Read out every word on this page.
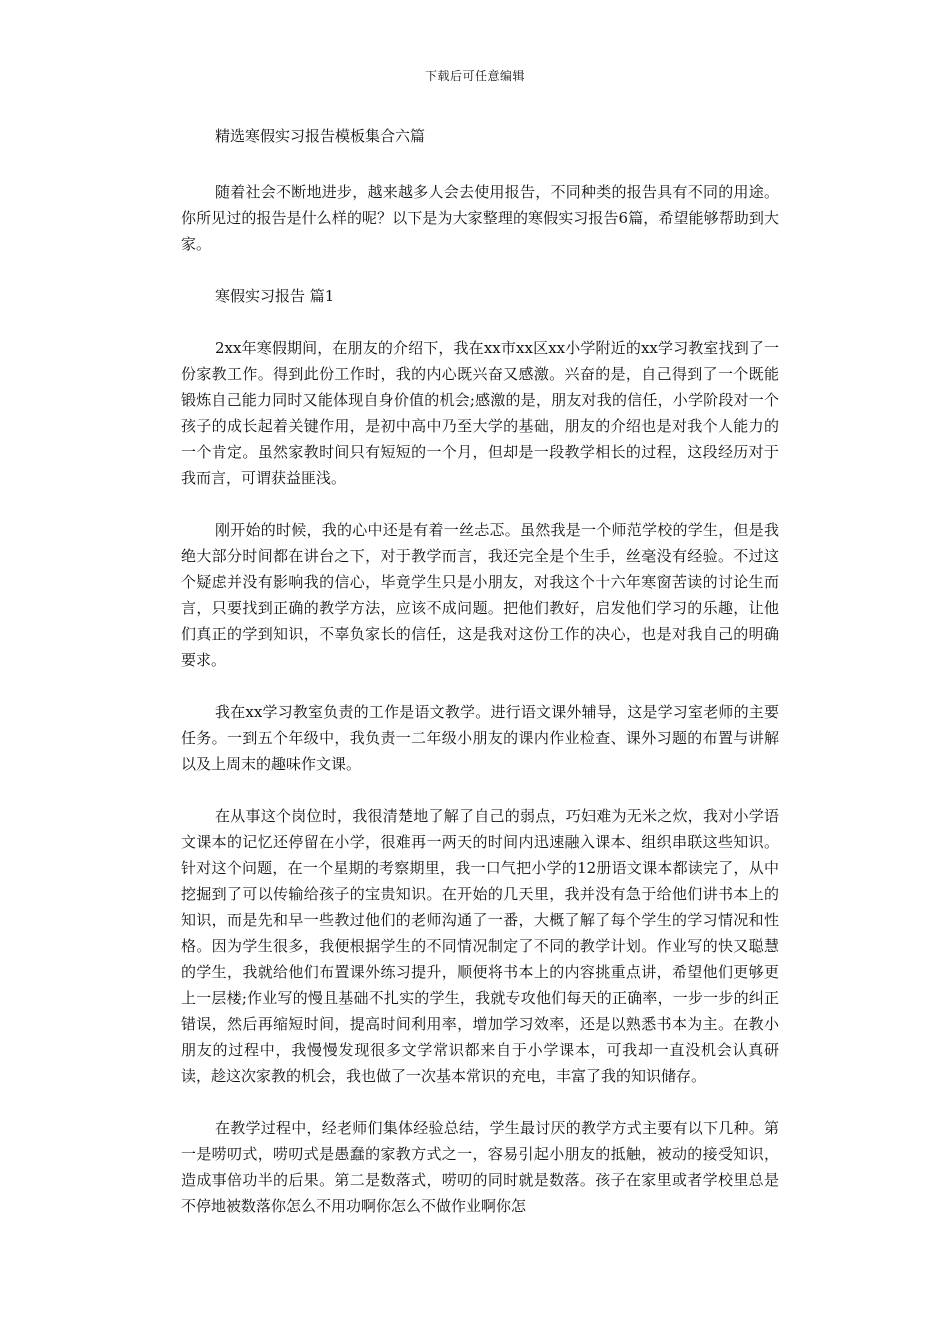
下载后可任意编辑
精选寒假实习报告模板集合六篇

随着社会不断地进步，越来越多人会去使用报告，不同种类的报告具有不同的用途。你所见过的报告是什么样的呢？以下是为大家整理的寒假实习报告6篇，希望能够帮助到大家。

寒假实习报告 篇1

2xx年寒假期间，在朋友的介绍下，我在xx市xx区xx小学附近的xx学习教室找到了一份家教工作。得到此份工作时，我的内心既兴奋又感激。兴奋的是，自己得到了一个既能锻炼自己能力同时又能体现自身价值的机会;感激的是，朋友对我的信任，小学阶段对一个孩子的成长起着关键作用，是初中高中乃至大学的基础，朋友的介绍也是对我个人能力的一个肯定。虽然家教时间只有短短的一个月，但却是一段教学相长的过程，这段经历对于我而言，可谓获益匪浅。

刚开始的时候，我的心中还是有着一丝忐忑。虽然我是一个师范学校的学生，但是我绝大部分时间都在讲台之下，对于教学而言，我还完全是个生手，丝毫没有经验。不过这个疑虑并没有影响我的信心，毕竟学生只是小朋友，对我这个十六年寒窗苦读的讨论生而言，只要找到正确的教学方法，应该不成问题。把他们教好，启发他们学习的乐趣，让他们真正的学到知识，不辜负家长的信任，这是我对这份工作的决心，也是对我自己的明确要求。

我在xx学习教室负责的工作是语文教学。进行语文课外辅导，这是学习室老师的主要任务。一到五个年级中，我负责一二年级小朋友的课内作业检查、课外习题的布置与讲解以及上周末的趣味作文课。

在从事这个岗位时，我很清楚地了解了自己的弱点，巧妇难为无米之炊，我对小学语文课本的记忆还停留在小学，很难再一两天的时间内迅速融入课本、组织串联这些知识。针对这个问题，在一个星期的考察期里，我一口气把小学的12册语文课本都读完了，从中挖掘到了可以传输给孩子的宝贵知识。在开始的几天里，我并没有急于给他们讲书本上的知识，而是先和早一些教过他们的老师沟通了一番，大概了解了每个学生的学习情况和性格。因为学生很多，我便根据学生的不同情况制定了不同的教学计划。作业写的快又聪慧的学生，我就给他们布置课外练习提升，顺便将书本上的内容挑重点讲，希望他们更够更上一层楼;作业写的慢且基础不扎实的学生，我就专攻他们每天的正确率，一步一步的纠正错误，然后再缩短时间，提高时间利用率，增加学习效率，还是以熟悉书本为主。在教小朋友的过程中，我慢慢发现很多文学常识都来自于小学课本，可我却一直没机会认真研读，趁这次家教的机会，我也做了一次基本常识的充电，丰富了我的知识储存。

在教学过程中，经老师们集体经验总结，学生最讨厌的教学方式主要有以下几种。第一是唠叨式，唠叨式是愚蠢的家教方式之一，容易引起小朋友的抵触，被动的接受知识，造成事倍功半的后果。第二是数落式，唠叨的同时就是数落。孩子在家里或者学校里总是不停地被数落你怎么不用功啊你怎么不做作业啊你怎
